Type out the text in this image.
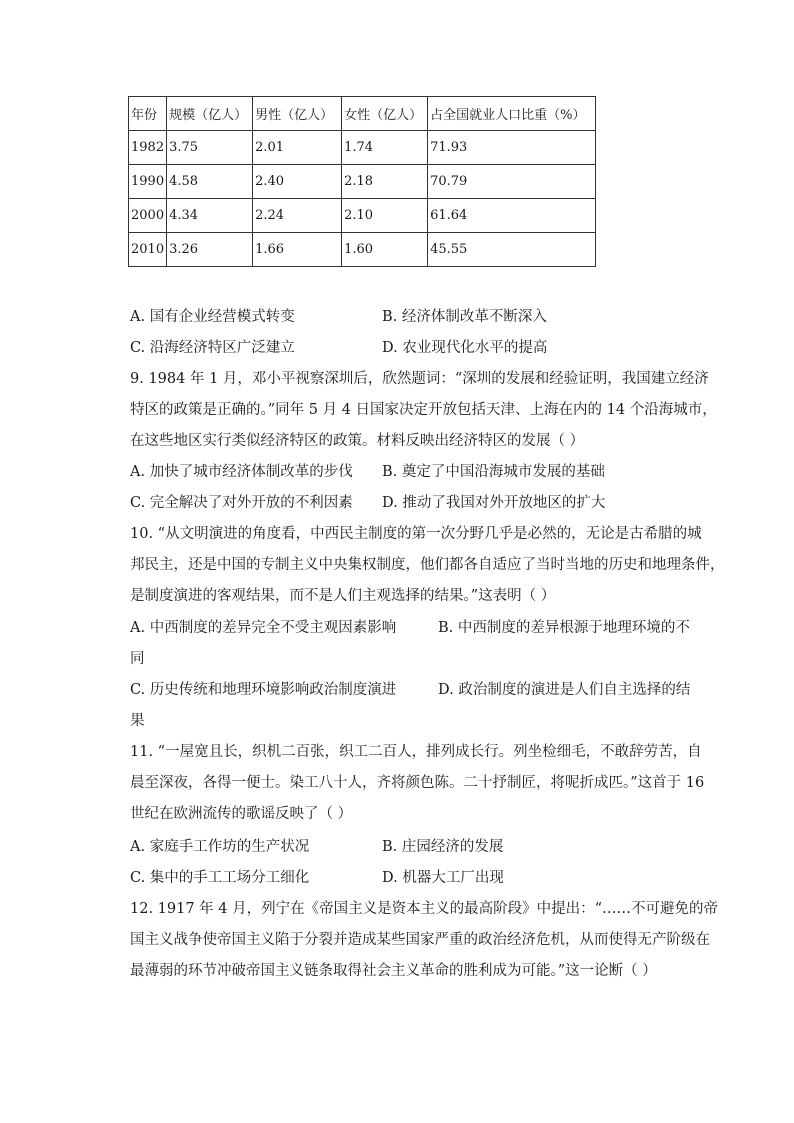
年份	规模（亿人）	男性（亿人）	女性（亿人）	占全国就业人口比重（%）
1982	3.75	2.01	1.74	71.93
1990	4.58	2.40	2.18	70.79
2000	4.34	2.24	2.10	61.64
2010	3.26	1.66	1.60	45.55
A. 国有企业经营模式转变	B. 经济体制改革不断深入
C. 沿海经济特区广泛建立	D. 农业现代化水平的提高
9. 1984 年 1 月，邓小平视察深圳后，欣然题词：“深圳的发展和经验证明，我国建立经济
特区的政策是正确的。”同年 5 月 4 日国家决定开放包括天津、上海在内的 14 个沿海城市，
在这些地区实行类似经济特区的政策。材料反映出经济特区的发展（ ）
A. 加快了城市经济体制改革的步伐 B. 奠定了中国沿海城市发展的基础
C. 完全解决了对外开放的不利因素 D. 推动了我国对外开放地区的扩大
10. “从文明演进的角度看，中西民主制度的第一次分野几乎是必然的，无论是古希腊的城
邦民主，还是中国的专制主义中央集权制度，他们都各自适应了当时当地的历史和地理条件，
是制度演进的客观结果，而不是人们主观选择的结果。”这表明（ ）
A. 中西制度的差异完全不受主观因素影响	B. 中西制度的差异根源于地理环境的不
同
C. 历史传统和地理环境影响政治制度演进	D. 政治制度的演进是人们自主选择的结
果
11. “一屋宽且长，织机二百张，织工二百人，排列成长行。列坐检细毛，不敢辞劳苦，自
晨至深夜，各得一便士。染工八十人，齐将颜色陈。二十抒制匠，将呢折成匹。”这首于 16
世纪在欧洲流传的歌谣反映了（ ）
A. 家庭手工作坊的生产状况	B. 庄园经济的发展
C. 集中的手工工场分工细化	D. 机器大工厂出现
12. 1917 年 4 月，列宁在《帝国主义是资本主义的最高阶段》中提出：“……不可避免的帝
国主义战争使帝国主义陷于分裂并造成某些国家严重的政治经济危机，从而使得无产阶级在
最薄弱的环节冲破帝国主义链条取得社会主义革命的胜利成为可能。”这一论断（ ）
